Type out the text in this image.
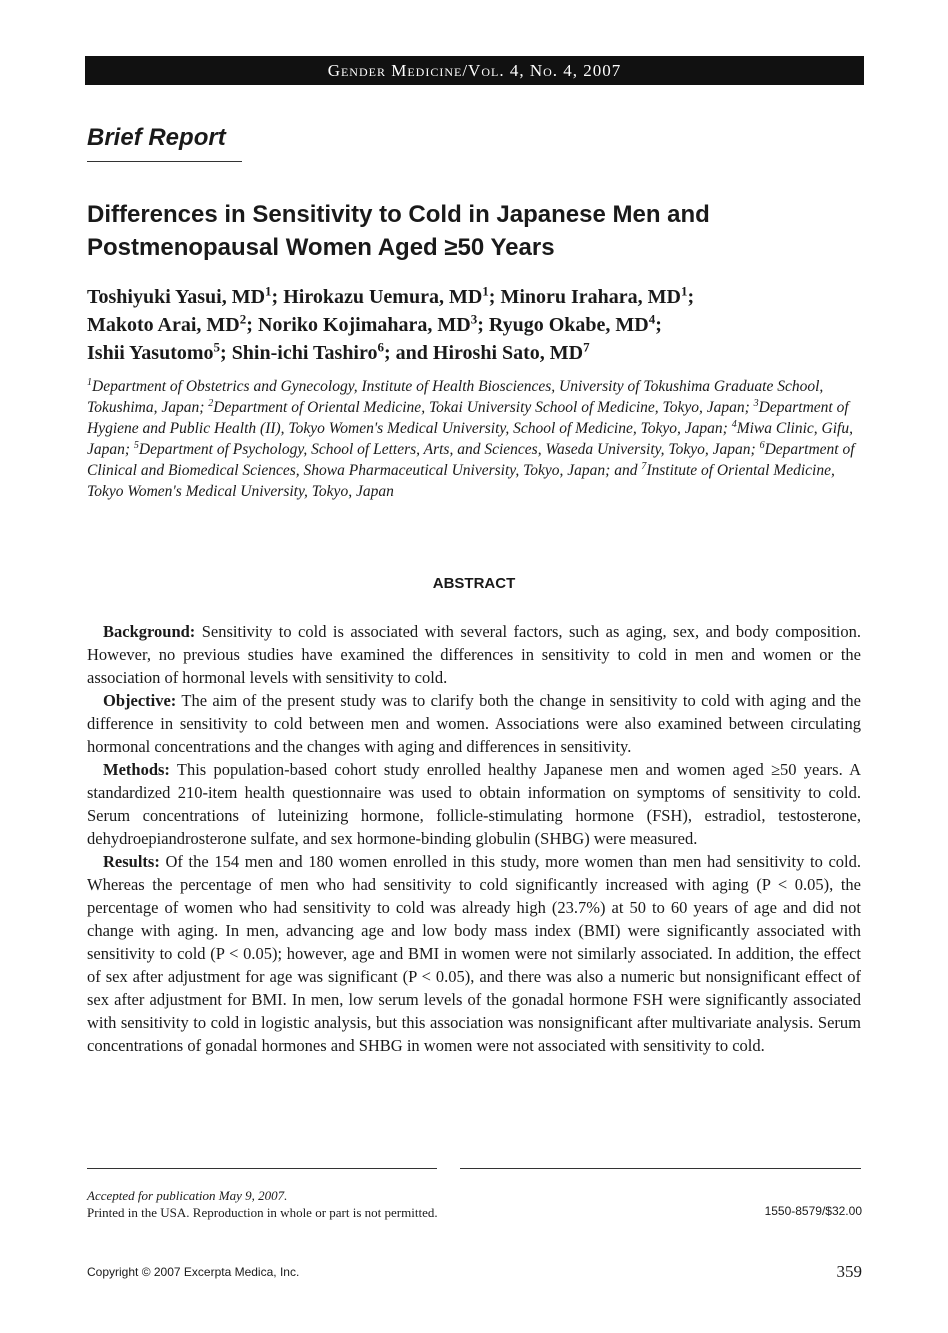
Gender Medicine/Vol. 4, No. 4, 2007
Brief Report
Differences in Sensitivity to Cold in Japanese Men and Postmenopausal Women Aged ≥50 Years
Toshiyuki Yasui, $MD^1$; Hirokazu Uemura, $MD^1$; Minoru Irahara, $MD^1$;
Makoto Arai, $MD^2$; Noriko Kojimahara, $MD^3$; Ryugo Okabe, $MD^4$;
Ishii Yasutomo$^5$; Shin-ichi Tashiro$^6$; and Hiroshi Sato, $MD^7$
$^1$Department of Obstetrics and Gynecology, Institute of Health Biosciences, University of Tokushima Graduate School, Tokushima, Japan; $^2$Department of Oriental Medicine, Tokai University School of Medicine, Tokyo, Japan; $^3$Department of Hygiene and Public Health (II), Tokyo Women's Medical University, School of Medicine, Tokyo, Japan; $^4$Miwa Clinic, Gifu, Japan; $^5$Department of Psychology, School of Letters, Arts, and Sciences, Waseda University, Tokyo, Japan; $^6$Department of Clinical and Biomedical Sciences, Showa Pharmaceutical University, Tokyo, Japan; and $^7$Institute of Oriental Medicine, Tokyo Women's Medical University, Tokyo, Japan
ABSTRACT

Background: Sensitivity to cold is associated with several factors, such as aging, sex, and body composition. However, no previous studies have examined the differences in sensitivity to cold in men and women or the association of hormonal levels with sensitivity to cold.

Objective: The aim of the present study was to clarify both the change in sensitivity to cold with aging and the difference in sensitivity to cold between men and women. Associations were also examined between circulating hormonal concentrations and the changes with aging and differences in sensitivity.

Methods: This population-based cohort study enrolled healthy Japanese men and women aged ≥50 years. A standardized 210-item health questionnaire was used to obtain information on symptoms of sensitivity to cold. Serum concentrations of luteinizing hormone, follicle-stimulating hormone (FSH), estradiol, testosterone, dehydroepiandrosterone sulfate, and sex hormone-binding globulin (SHBG) were measured.

Results: Of the 154 men and 180 women enrolled in this study, more women than men had sensitivity to cold. Whereas the percentage of men who had sensitivity to cold significantly increased with aging (P < 0.05), the percentage of women who had sensitivity to cold was already high (23.7%) at 50 to 60 years of age and did not change with aging. In men, advancing age and low body mass index (BMI) were significantly associated with sensitivity to cold (P < 0.05); however, age and BMI in women were not similarly associated. In addition, the effect of sex after adjustment for age was significant (P < 0.05), and there was also a numeric but nonsignificant effect of sex after adjustment for BMI. In men, low serum levels of the gonadal hormone FSH were significantly associated with sensitivity to cold in logistic analysis, but this association was nonsignificant after multivariate analysis. Serum concentrations of gonadal hormones and SHBG in women were not associated with sensitivity to cold.

Accepted for publication May 9, 2007.
Printed in the USA. Reproduction in whole or part is not permitted.	1550-8579/$32.00
Copyright © 2007 Excerpta Medica, Inc.	359
